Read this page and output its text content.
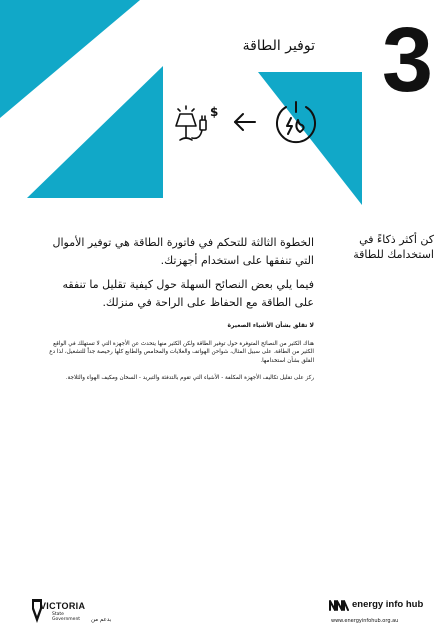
3
توفير الطاقة
$
كن أكثر ذكاءً في استخدامك للطاقة

الخطوة الثالثة للتحكم في فاتورة الطاقة هي توفير الأموال التي تنفقها على استخدام أجهزتك.

فيما يلي بعض النصائح السهلة حول كيفية تقليل ما تنفقه على الطاقة مع الحفاظ على الراحة في منزلك.

لا تقلق بشأن الأشياء الصغيرة

هناك الكثير من النصائح المتوفرة حول توفير الطاقة ولكن الكثير منها يتحدث عن الأجهزة التي لا تستهلك في الواقع الكثير من الطاقة. على سبيل المثال، شواحن الهواتف والغلايات والمحامص والطابع كلها رخيصة جداً للتشغيل، لذا دع القلق بشأن استخدامها.

ركز على تقليل تكاليف الأجهزة المكلفة - الأشياء التي تقوم بالتدفئة والتبريد - السخان ومكيف الهواء والثلاجة.

VICTORIA
State Government	بدعم من
energy info hub
www.energyinfohub.org.au
